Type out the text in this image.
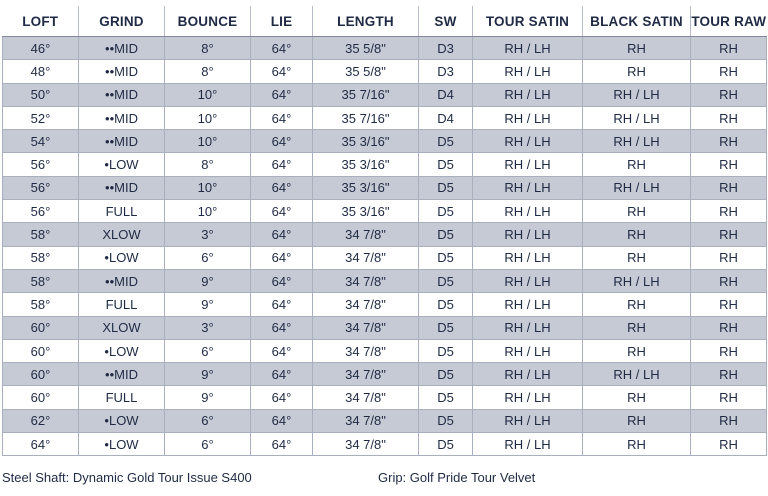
LOFT	GRIND	BOUNCE	LIE	LENGTH	SW	TOUR SATIN	BLACK SATIN	TOUR RAW
46°	••MID	8°	64°	35 5/8"	D3	RH / LH	RH	RH
48°	••MID	8°	64°	35 5/8"	D3	RH / LH	RH	RH
50°	••MID	10°	64°	35 7/16"	D4	RH / LH	RH / LH	RH
52°	••MID	10°	64°	35 7/16"	D4	RH / LH	RH / LH	RH
54°	••MID	10°	64°	35 3/16"	D5	RH / LH	RH / LH	RH
56°	•LOW	8°	64°	35 3/16"	D5	RH / LH	RH	RH
56°	••MID	10°	64°	35 3/16"	D5	RH / LH	RH / LH	RH
56°	FULL	10°	64°	35 3/16"	D5	RH / LH	RH	RH
58°	XLOW	3°	64°	34 7/8"	D5	RH / LH	RH	RH
58°	•LOW	6°	64°	34 7/8"	D5	RH / LH	RH	RH
58°	••MID	9°	64°	34 7/8"	D5	RH / LH	RH / LH	RH
58°	FULL	9°	64°	34 7/8"	D5	RH / LH	RH	RH
60°	XLOW	3°	64°	34 7/8"	D5	RH / LH	RH	RH
60°	•LOW	6°	64°	34 7/8"	D5	RH / LH	RH	RH
60°	••MID	9°	64°	34 7/8"	D5	RH / LH	RH / LH	RH
60°	FULL	9°	64°	34 7/8"	D5	RH / LH	RH	RH
62°	•LOW	6°	64°	34 7/8"	D5	RH / LH	RH	RH
64°	•LOW	6°	64°	34 7/8"	D5	RH / LH	RH	RH
Steel Shaft: Dynamic Gold Tour Issue S400	Grip: Golf Pride Tour Velvet
